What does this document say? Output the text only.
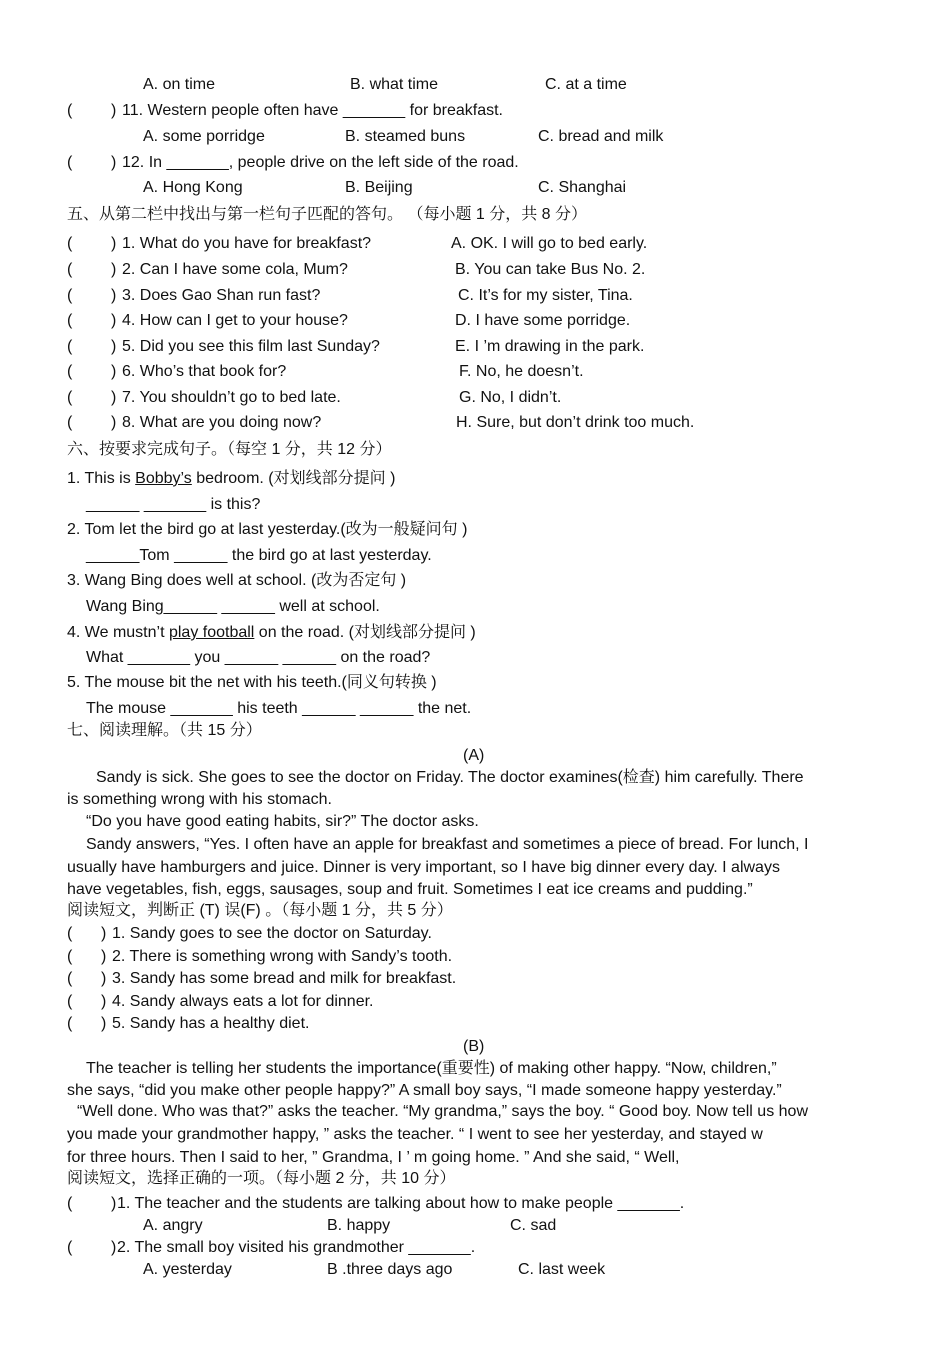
A. on time	B. what time	C. at a time
( ) 11. Western people often have _______ for breakfast.
A. some porridge	B. steamed buns	C. bread and milk
( ) 12. In _______, people drive on the left side of the road.
A. Hong Kong	B. Beijing	C. Shanghai
五、从第二栏中找出与第一栏句子匹配的答句。 （每小题 1 分，共 8 分）
( ) 1. What do you have for breakfast?	A. OK. I will go to bed early.
( ) 2. Can I have some cola, Mum?	B. You can take Bus No. 2.
( ) 3. Does Gao Shan run fast?	C. It’s for my sister, Tina.
( ) 4. How can I get to your house?	D. I have some porridge.
( ) 5. Did you see this film last Sunday?	E. I ’m drawing in the park.
( ) 6. Who’s that book for?	F. No, he doesn’t.
( ) 7. You shouldn’t go to bed late.	G. No, I didn’t.
( ) 8. What are you doing now?	H. Sure, but don’t drink too much.
六、按要求完成句子。（每空 1 分，共 12 分）
1. This is Bobby’s bedroom. (对划线部分提问 )
______ _______ is this?
2. Tom let the bird go at last yesterday.(改为一般疑问句 )
______Tom ______ the bird go at last yesterday.
3. Wang Bing does well at school. (改为否定句 )
Wang Bing______ ______ well at school.
4. We mustn’t play football on the road. (对划线部分提问 )
What _______ you ______ ______ on the road?
5. The mouse bit the net with his teeth.(同义句转换 )
The mouse _______ his teeth ______ ______ the net.
七、阅读理解。（共 15 分）
(A)
Sandy is sick. She goes to see the doctor on Friday. The doctor examines(检查) him carefully. There
is something wrong with his stomach.
“Do you have good eating habits, sir?” The doctor asks.
Sandy answers, “Yes. I often have an apple for breakfast and sometimes a piece of bread. For lunch, I
usually have hamburgers and juice. Dinner is very important, so I have big dinner every day. I always
have vegetables, fish, eggs, sausages, soup and fruit. Sometimes I eat ice creams and pudding.”
阅读短文，判断正 (T) 误(F) 。（每小题 1 分，共 5 分）
( ) 1. Sandy goes to see the doctor on Saturday.
( ) 2. There is something wrong with Sandy’s tooth.
( ) 3. Sandy has some bread and milk for breakfast.
( ) 4. Sandy always eats a lot for dinner.
( ) 5. Sandy has a healthy diet.
(B)
The teacher is telling her students the importance(重要性) of making other happy. “Now, children,”
she says, “did you make other people happy?” A small boy says, “I made someone happy yesterday.”
“Well done. Who was that?” asks the teacher. “My grandma,” says the boy. “ Good boy. Now tell us how
you made your grandmother happy, ” asks the teacher. “ I went to see her yesterday, and stayed w
for three hours. Then I said to her, ” Grandma, I ’ m going home. ” And she said, “ Well,
阅读短文，选择正确的一项。（每小题 2 分，共 10 分）
( ) 1. The teacher and the students are talking about how to make people _______.
A. angry	B. happy	C. sad
( ) 2. The small boy visited his grandmother _______.
A. yesterday	B .three days ago	C. last week
